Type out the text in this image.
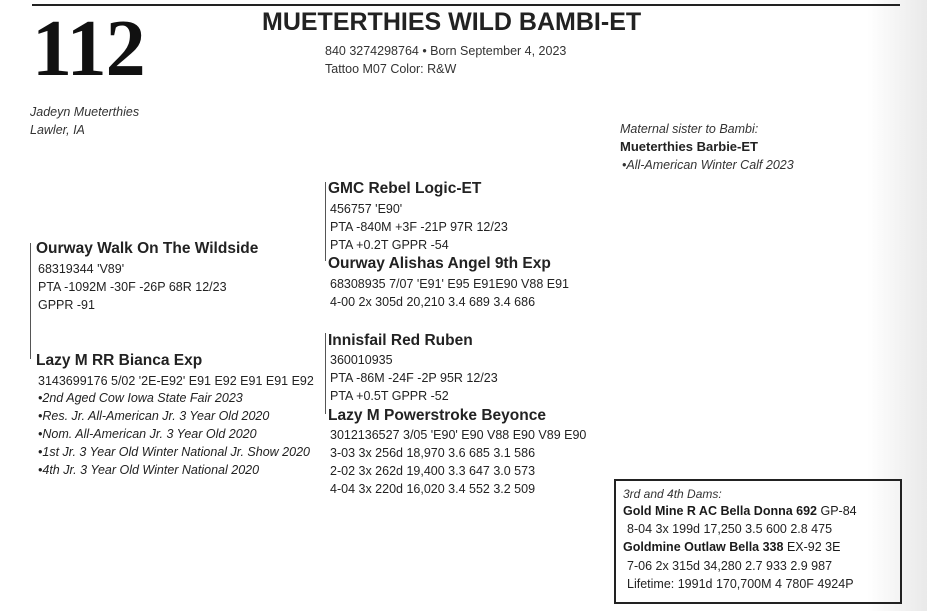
112	MUETERTHIES WILD BAMBI-ET
840 3274298764 • Born September 4, 2023
Tattoo M07 Color: R&W
Jadeyn Mueterthies
Lawler, IA	Maternal sister to Bambi:
Mueterthies Barbie-ET
•All-American Winter Calf 2023
Ourway Walk On The Wildside
68319344 'V89'
PTA -1092M -30F -26P 68R 12/23
GPPR -91
GMC Rebel Logic-ET
456757 'E90'
PTA -840M +3F -21P 97R 12/23
PTA +0.2T GPPR -54
Ourway Alishas Angel 9th Exp
68308935 7/07 'E91' E95 E91E90 V88 E91
4-00 2x 305d 20,210 3.4 689 3.4 686
Lazy M RR Bianca Exp
3143699176 5/02 '2E-E92' E91 E92 E91 E91 E92
•2nd Aged Cow Iowa State Fair 2023
•Res. Jr. All-American Jr. 3 Year Old 2020
•Nom. All-American Jr. 3 Year Old 2020
•1st Jr. 3 Year Old Winter National Jr. Show 2020
•4th Jr. 3 Year Old Winter National 2020
Innisfail Red Ruben
360010935
PTA -86M -24F -2P 95R 12/23
PTA +0.5T GPPR -52
Lazy M Powerstroke Beyonce
3012136527 3/05 'E90' E90 V88 E90 V89 E90
3-03 3x 256d 18,970 3.6 685 3.1 586
2-02 3x 262d 19,400 3.3 647 3.0 573
4-04 3x 220d 16,020 3.4 552 3.2 509	3rd and 4th Dams:
Gold Mine R AC Bella Donna 692 GP-84
8-04 3x 199d 17,250 3.5 600 2.8 475
Goldmine Outlaw Bella 338 EX-92 3E
7-06 2x 315d 34,280 2.7 933 2.9 987
Lifetime: 1991d 170,700M 4 780F 4924P
